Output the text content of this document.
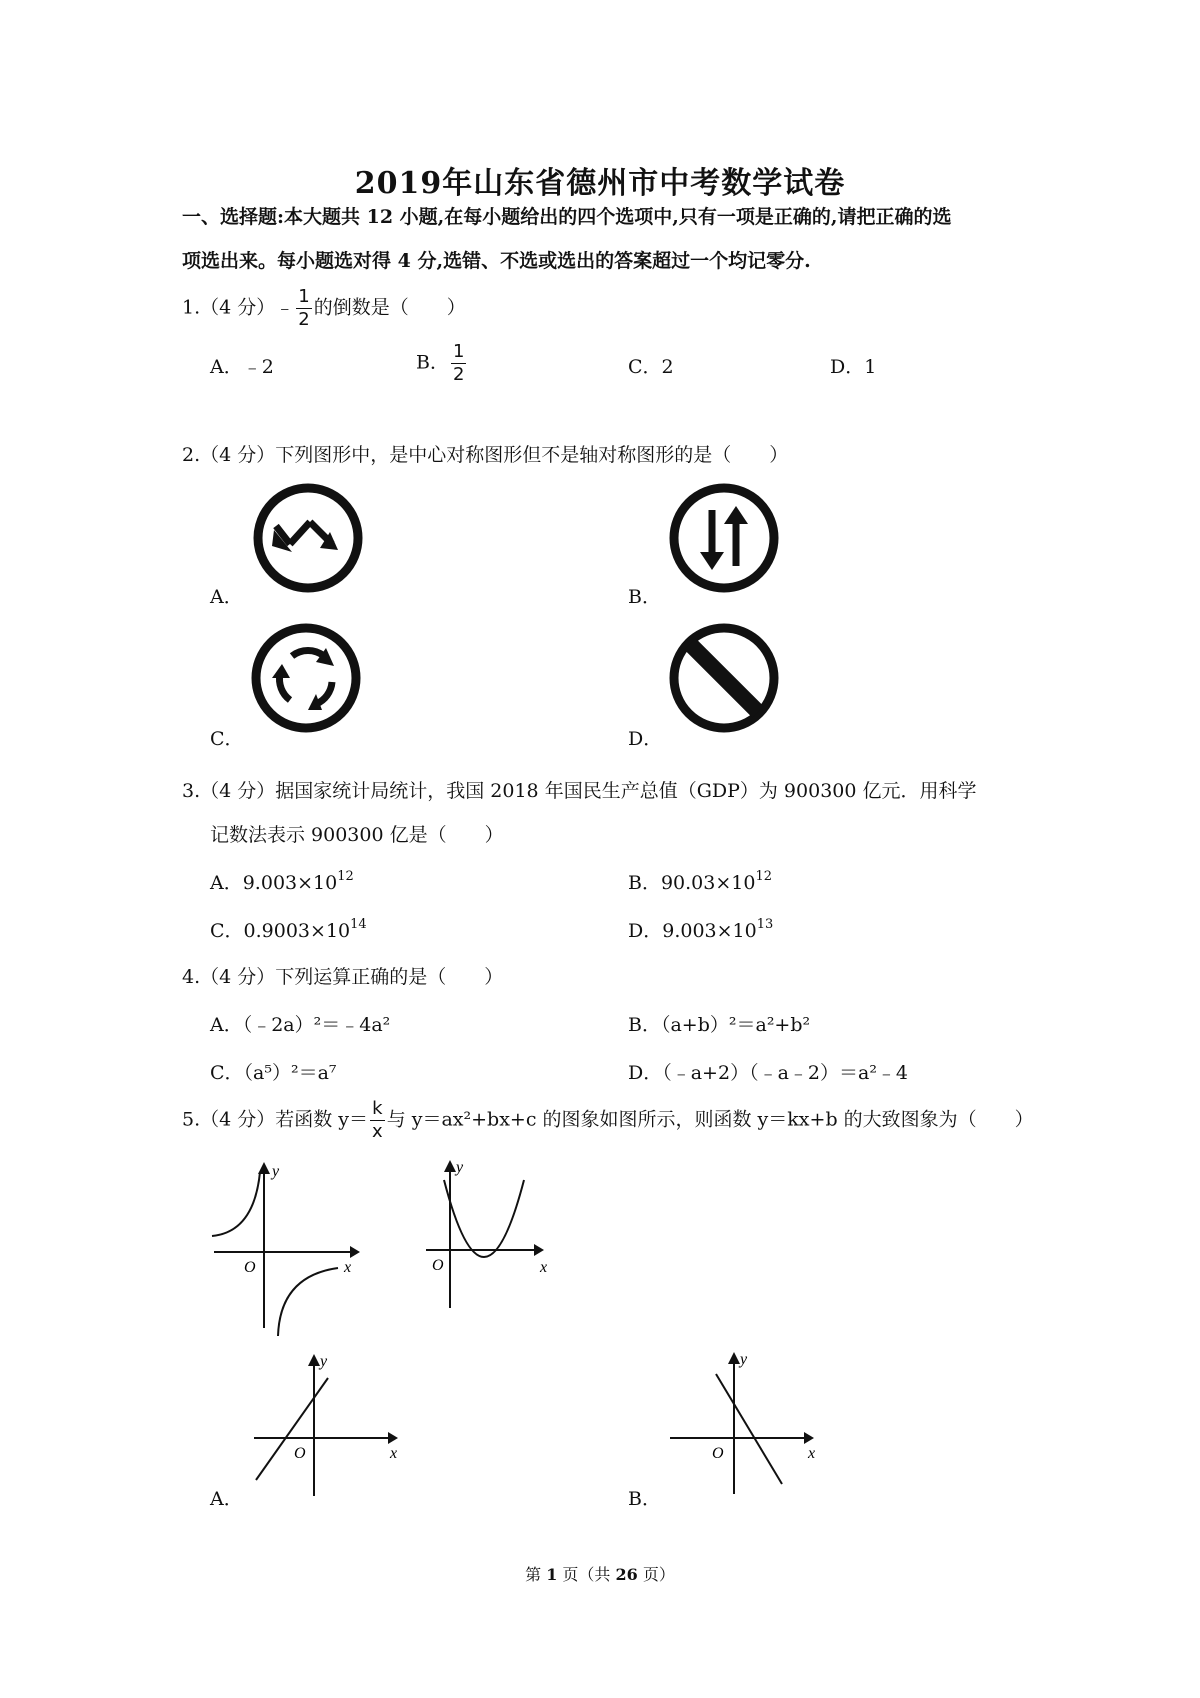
2019年山东省德州市中考数学试卷
一、选择题:本大题共 12 小题,在每小题给出的四个选项中,只有一项是正确的,请把正确的选
项选出来。每小题选对得 4 分,选错、不选或选出的答案超过一个均记零分.
1.（4 分）﹣ $\frac{1}{2}$ 的倒数是（　　）
A．﹣2	B． $\frac{1}{2}$	C．2	D．1
2.（4 分）下列图形中，是中心对称图形但不是轴对称图形的是（　　）
A．	B．
C．	D．
3.（4 分）据国家统计局统计，我国 2018 年国民生产总值（GDP）为 900300 亿元．用科学
记数法表示 900300 亿是（　　）
A．$9.003\times 10^{12}$	B．$90.03\times 10^{12}$
C．$0.9003\times 10^{14}$	D．$9.003\times 10^{13}$
4.（4 分）下列运算正确的是（　　）
A．（﹣2a）²＝﹣4a²	B．（a+b）²＝a²+b²
C．（a⁵）²＝a⁷	D．（﹣a+2）（﹣a﹣2）＝a²﹣4
5.（4 分）若函数 $y= \frac{k}{x}$ 与 y＝ax²+bx+c 的图象如图所示，则函数 y＝kx+b 的大致图象为（　　）
O	x
y
O	x
y
O	x
y
O	x
y
A．	B．
第 1 页（共 26 页）
